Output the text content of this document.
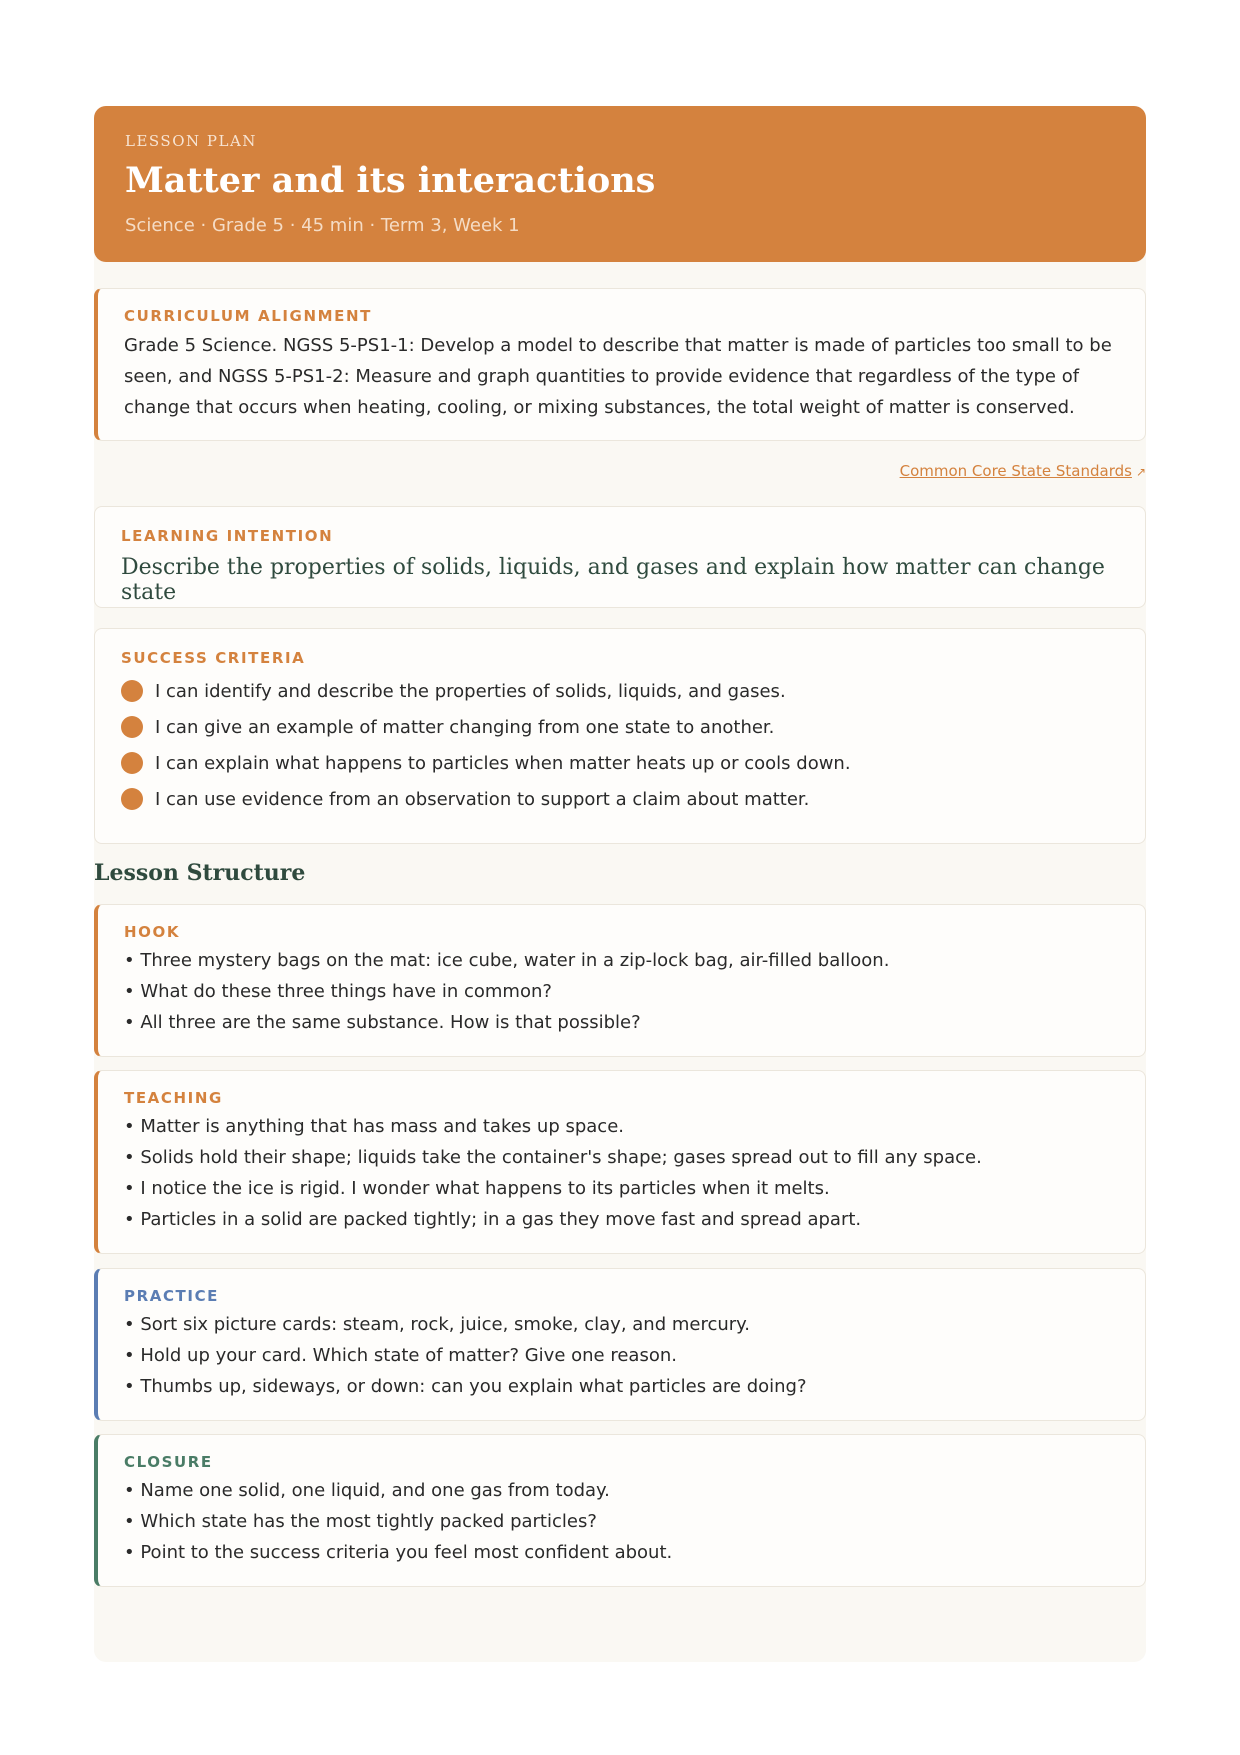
LESSON PLAN
Matter and its interactions
Science · Grade 5 · 45 min · Term 3, Week 1
CURRICULUM ALIGNMENT
Grade 5 Science. NGSS 5-PS1-1: Develop a model to describe that matter is made of particles too small to be seen, and NGSS 5-PS1-2: Measure and graph quantities to provide evidence that regardless of the type of change that occurs when heating, cooling, or mixing substances, the total weight of matter is conserved.
Common Core State Standards ↗
LEARNING INTENTION
Describe the properties of solids, liquids, and gases and explain how matter can change state
SUCCESS CRITERIA
I can identify and describe the properties of solids, liquids, and gases.
I can give an example of matter changing from one state to another.
I can explain what happens to particles when matter heats up or cools down.
I can use evidence from an observation to support a claim about matter.
Lesson Structure
HOOK
• Three mystery bags on the mat: ice cube, water in a zip-lock bag, air-filled balloon.
• What do these three things have in common?
• All three are the same substance. How is that possible?
TEACHING
• Matter is anything that has mass and takes up space.
• Solids hold their shape; liquids take the container's shape; gases spread out to fill any space.
• I notice the ice is rigid. I wonder what happens to its particles when it melts.
• Particles in a solid are packed tightly; in a gas they move fast and spread apart.
PRACTICE
• Sort six picture cards: steam, rock, juice, smoke, clay, and mercury.
• Hold up your card. Which state of matter? Give one reason.
• Thumbs up, sideways, or down: can you explain what particles are doing?
CLOSURE
• Name one solid, one liquid, and one gas from today.
• Which state has the most tightly packed particles?
• Point to the success criteria you feel most confident about.
